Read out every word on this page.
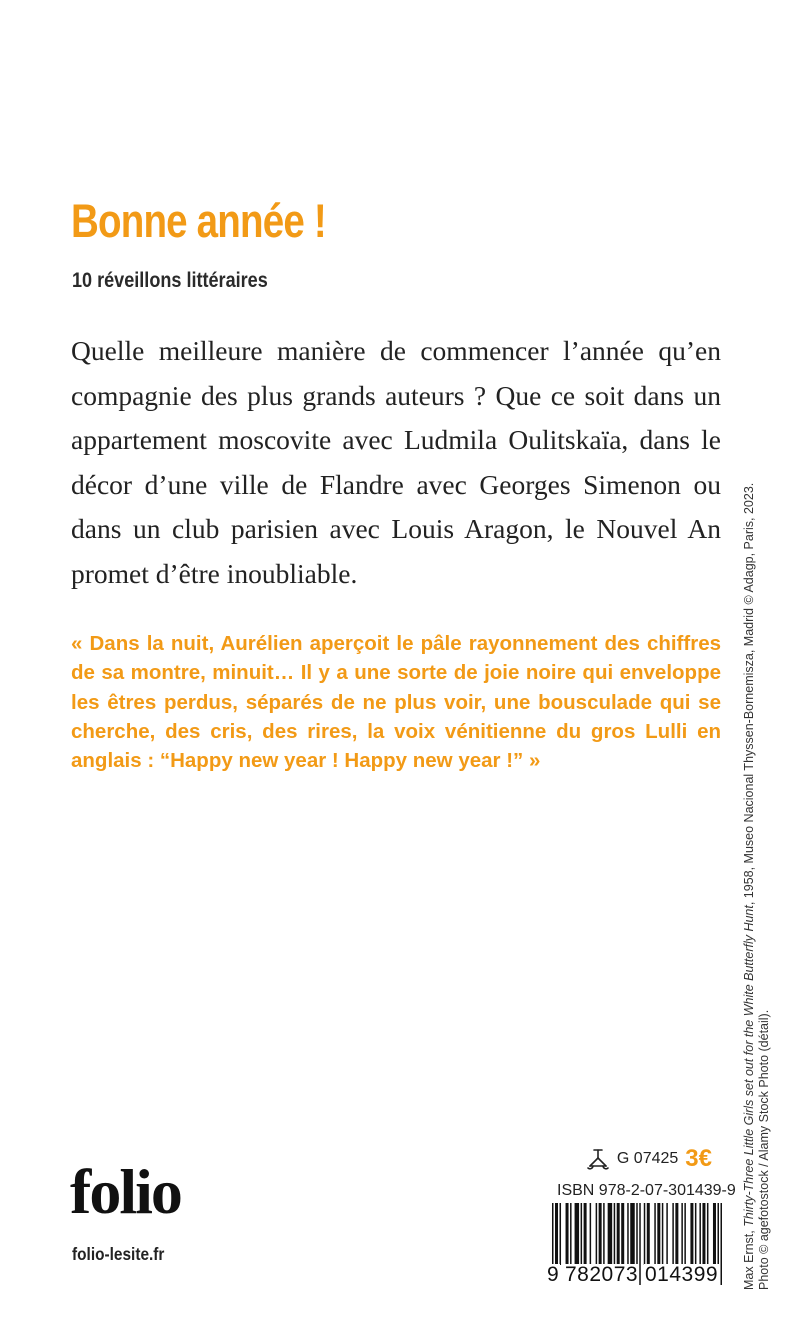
Bonne année !

10 réveillons littéraires

Quelle meilleure manière de commencer l’année qu’en compagnie des plus grands auteurs ? Que ce soit dans un appartement moscovite avec Ludmila Oulitskaïa, dans le décor d’une ville de Flandre avec Georges Simenon ou dans un club parisien avec Louis Aragon, le Nouvel An promet d’être inoubliable.

« Dans la nuit, Aurélien aperçoit le pâle rayonnement des chiffres de sa montre, minuit… Il y a une sorte de joie noire qui enveloppe les êtres perdus, séparés de ne plus voir, une bousculade qui se cherche, des cris, des rires, la voix vénitienne du gros Lulli en anglais : “Happy new year ! Happy new year !” »

Max Ernst, Thirty-Three Little Girls set out for the White Butterfly Hunt, 1958, Museo Nacional Thyssen-Bornemisza, Madrid © Adagp, Paris, 2023.
Photo © agefotostock / Alamy Stock Photo (détail).
folio
folio-lesite.fr
G 07425 3€
ISBN 978-2-07-301439-9
9 782073 014399
